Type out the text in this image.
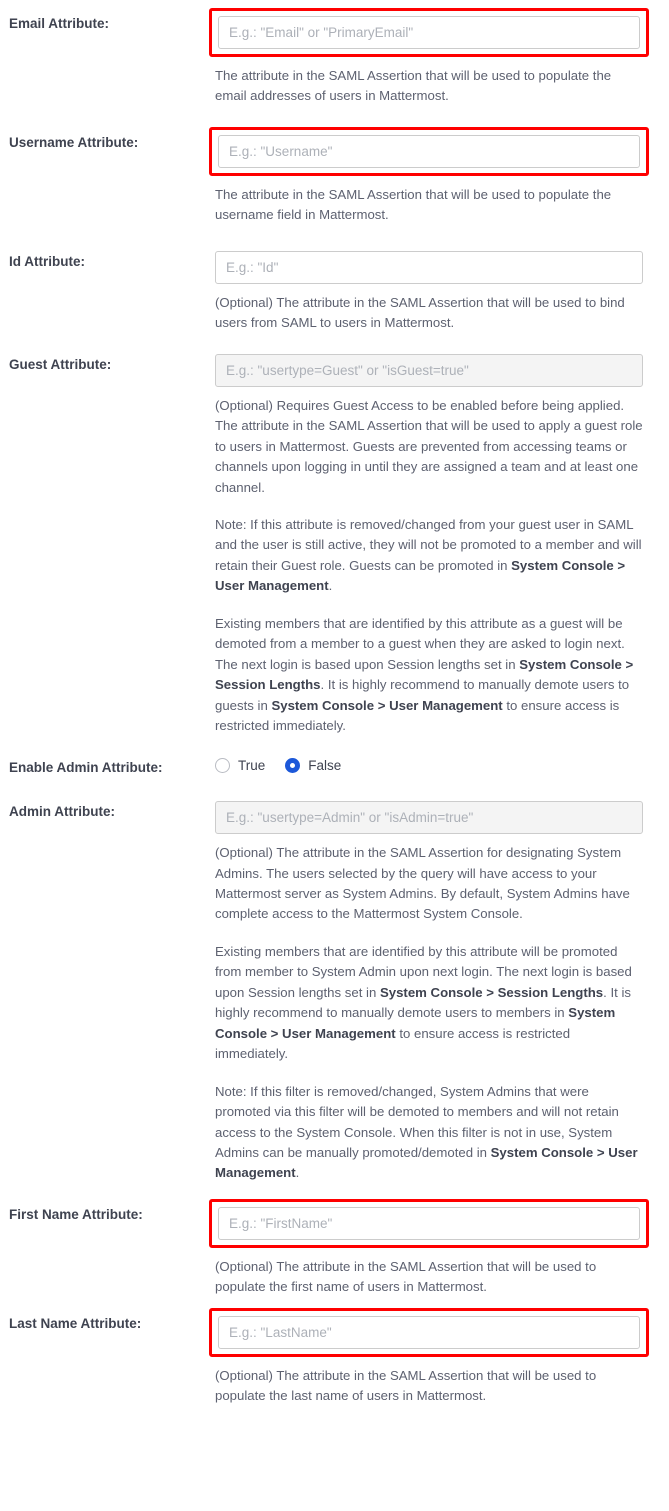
Email Attribute:
E.g.: "Email" or "PrimaryEmail"

The attribute in the SAML Assertion that will be used to populate the email addresses of users in Mattermost.

Username Attribute:
E.g.: "Username"

The attribute in the SAML Assertion that will be used to populate the username field in Mattermost.

Id Attribute:
E.g.: "Id"

(Optional) The attribute in the SAML Assertion that will be used to bind users from SAML to users in Mattermost.

Guest Attribute:
E.g.: "usertype=Guest" or "isGuest=true"

(Optional) Requires Guest Access to be enabled before being applied. The attribute in the SAML Assertion that will be used to apply a guest role to users in Mattermost. Guests are prevented from accessing teams or channels upon logging in until they are assigned a team and at least one channel.

Note: If this attribute is removed/changed from your guest user in SAML and the user is still active, they will not be promoted to a member and will retain their Guest role. Guests can be promoted in System Console > User Management.

Existing members that are identified by this attribute as a guest will be demoted from a member to a guest when they are asked to login next. The next login is based upon Session lengths set in System Console > Session Lengths. It is highly recommend to manually demote users to guests in System Console > User Management to ensure access is restricted immediately.

Enable Admin Attribute:	True	False
Admin Attribute:
E.g.: "usertype=Admin" or "isAdmin=true"

(Optional) The attribute in the SAML Assertion for designating System Admins. The users selected by the query will have access to your Mattermost server as System Admins. By default, System Admins have complete access to the Mattermost System Console.

Existing members that are identified by this attribute will be promoted from member to System Admin upon next login. The next login is based upon Session lengths set in System Console > Session Lengths. It is highly recommend to manually demote users to members in System Console > User Management to ensure access is restricted immediately.

Note: If this filter is removed/changed, System Admins that were promoted via this filter will be demoted to members and will not retain access to the System Console. When this filter is not in use, System Admins can be manually promoted/demoted in System Console > User Management.

First Name Attribute:
E.g.: "FirstName"

(Optional) The attribute in the SAML Assertion that will be used to populate the first name of users in Mattermost.

Last Name Attribute:
E.g.: "LastName"

(Optional) The attribute in the SAML Assertion that will be used to populate the last name of users in Mattermost.
